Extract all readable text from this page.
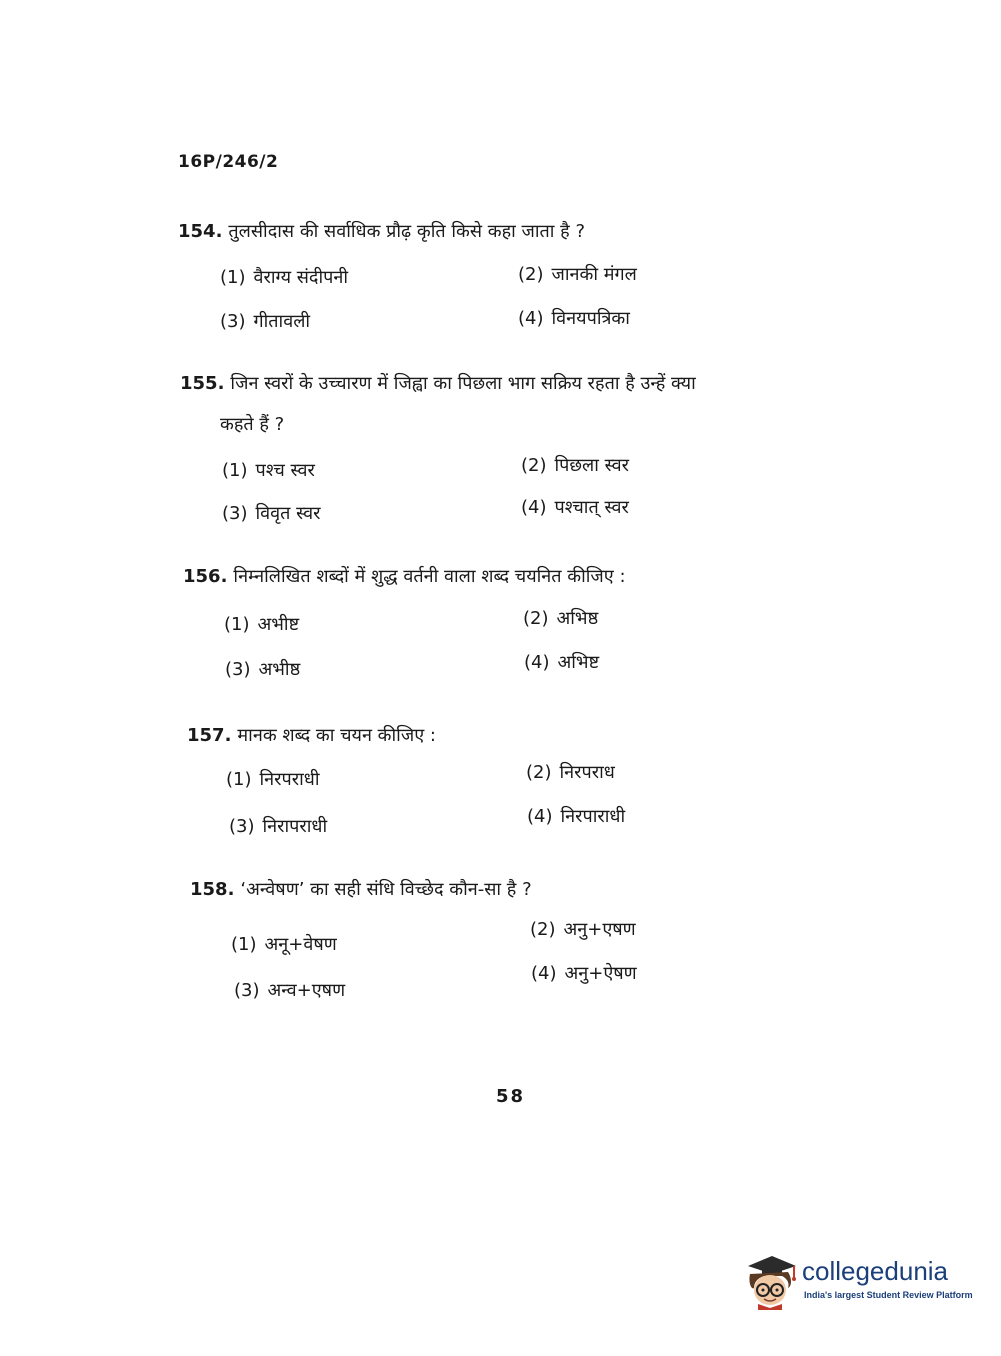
16P/246/2
154. तुलसीदास की सर्वाधिक प्रौढ़ कृति किसे कहा जाता है ?
(1) वैराग्य संदीपनी	(2) जानकी मंगल
(3) गीतावली	(4) विनयपत्रिका
155. जिन स्वरों के उच्चारण में जिह्वा का पिछला भाग सक्रिय रहता है उन्हें क्या
कहते हैं ?
(1) पश्च स्वर	(2) पिछला स्वर
(3) विवृत स्वर	(4) पश्चात् स्वर
156. निम्नलिखित शब्दों में शुद्ध वर्तनी वाला शब्द चयनित कीजिए :
(1) अभीष्ट	(2) अभिष्ठ
(3) अभीष्ठ	(4) अभिष्ट
157. मानक शब्द का चयन कीजिए :
(1) निरपराधी	(2) निरपराध
(3) निरापराधी	(4) निरपाराधी
158. ‘अन्वेषण’ का सही संधि विच्छेद कौन-सा है ?
(1) अनू+वेषण
(2) अनु+एषण
(3) अन्व+एषण
(4) अनु+ऐषण
58
collegedunia
India's largest Student Review Platform
